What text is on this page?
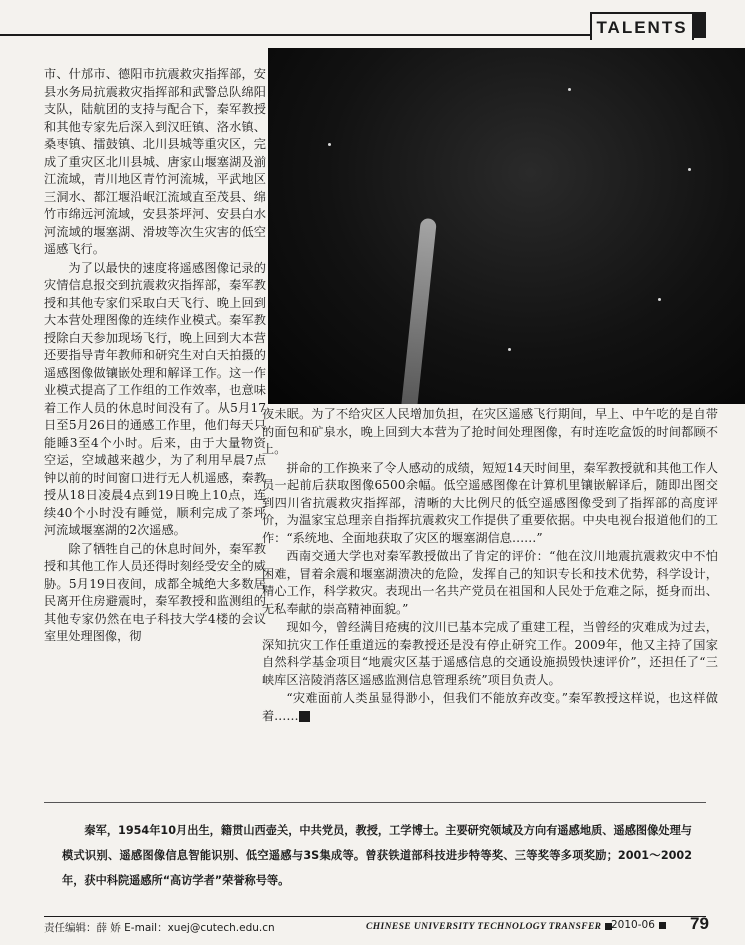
TALENTS

市、什邡市、德阳市抗震救灾指挥部，安县水务局抗震救灾指挥部和武警总队绵阳支队，陆航团的支持与配合下，秦军教授和其他专家先后深入到汉旺镇、洛水镇、桑枣镇、擂鼓镇、北川县城等重灾区，完成了重灾区北川县城、唐家山堰塞湖及湔江流域，青川地区青竹河流城，平武地区三洞水、都江堰沿岷江流域直至茂县、绵竹市绵远河流域，安县茶坪河、安县白水河流域的堰塞湖、滑坡等次生灾害的低空遥感飞行。

为了以最快的速度将遥感图像记录的灾情信息报交到抗震救灾指挥部，秦军教授和其他专家们采取白天飞行、晚上回到大本营处理图像的连续作业模式。秦军教授除白天参加现场飞行，晚上回到大本营还要指导青年教师和研究生对白天拍摄的遥感图像做镶嵌处理和解译工作。这一作业模式提高了工作组的工作效率，也意味着工作人员的休息时间没有了。从5月17日至5月26日的通感工作里，他们每天只能睡3至4个小时。后来，由于大量物资空运，空域越来越少，为了利用早晨7点钟以前的时间窗口进行无人机遥感，秦教授从18日凌晨4点到19日晚上10点，连续40个小时没有睡觉，顺利完成了茶坪河流域堰塞湖的2次遥感。

除了牺牲自己的休息时间外，秦军教授和其他工作人员还得时刻经受安全的威胁。5月19日夜间，成都全城绝大多数居民离开住房避震时，秦军教授和监测组的其他专家仍然在电子科技大学4楼的会议室里处理图像，彻

夜未眠。为了不给灾区人民增加负担，在灾区遥感飞行期间，早上、中午吃的是自带的面包和矿泉水，晚上回到大本营为了抢时间处理图像，有时连吃盒饭的时间都顾不上。

拼命的工作换来了令人感动的成绩，短短14天时间里，秦军教授就和其他工作人员一起前后获取图像6500余幅。低空遥感图像在计算机里镶嵌解译后，随即出图交到四川省抗震救灾指挥部，清晰的大比例尺的低空遥感图像受到了指挥部的高度评价，为温家宝总理亲自指挥抗震救灾工作提供了重要依据。中央电视台报道他们的工作：“系统地、全面地获取了灾区的堰塞湖信息……”

西南交通大学也对秦军教授做出了肯定的评价：“他在汶川地震抗震救灾中不怕困难，冒着余震和堰塞湖溃决的危险，发挥自己的知识专长和技术优势，科学设计，精心工作，科学救灾。表现出一名共产党员在祖国和人民处于危难之际，挺身而出、无私奉献的崇高精神面貌。”

现如今，曾经满目疮痍的汶川已基本完成了重建工程，当曾经的灾难成为过去，深知抗灾工作任重道远的秦教授还是没有停止研究工作。2009年，他又主持了国家自然科学基金项目“地震灾区基于遥感信息的交通设施损毁快速评价”，还担任了“三峡库区涪陵消落区遥感监测信息管理系统”项目负责人。

“灾难面前人类虽显得渺小，但我们不能放弃改变。”秦军教授这样说，也这样做着……	全

秦军，1954年10月出生，籍贯山西壶关，中共党员，教授，工学博士。主要研究领域及方向有遥感地质、遥感图像处理与模式识别、遥感图像信息智能识别、低空遥感与3S集成等。曾获铁道部科技进步特等奖、三等奖等多项奖励；2001～2002年，获中科院遥感所“高访学者”荣誉称号等。

责任编辑：薛 娇 E-mail：xuej@cutech.edu.cn	CHINESE UNIVERSITY TECHNOLOGY TRANSFER 2010-06	79
